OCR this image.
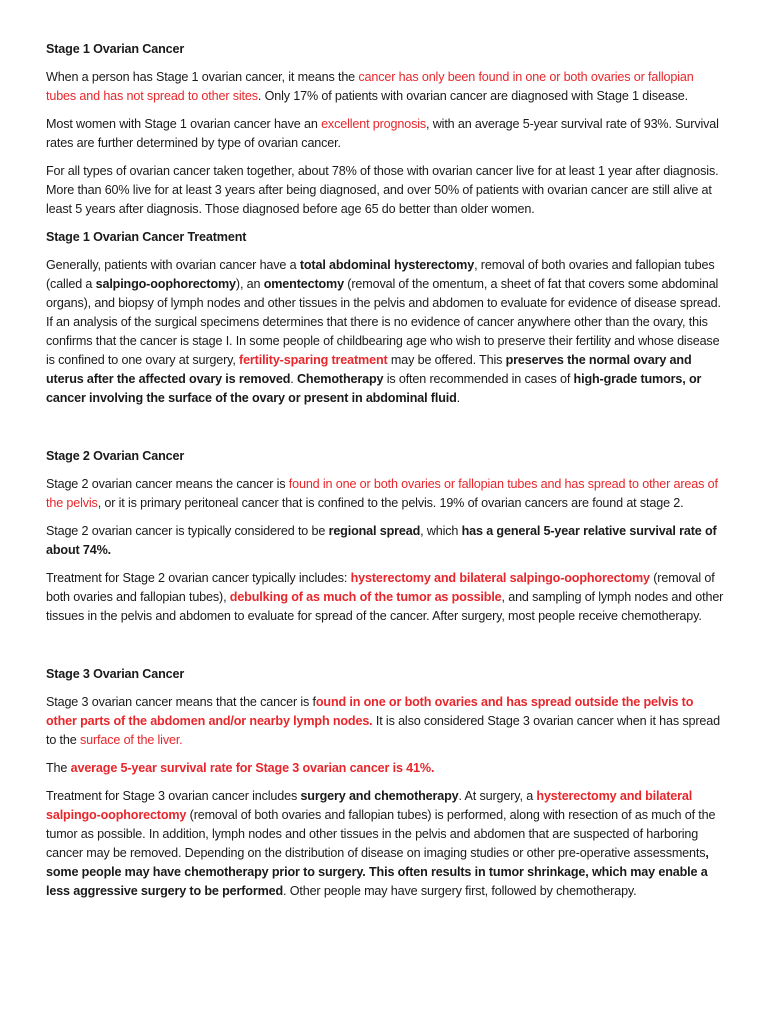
Stage 1 Ovarian Cancer

When a person has Stage 1 ovarian cancer, it means the cancer has only been found in one or both ovaries or fallopian tubes and has not spread to other sites. Only 17% of patients with ovarian cancer are diagnosed with Stage 1 disease.

Most women with Stage 1 ovarian cancer have an excellent prognosis, with an average 5-year survival rate of 93%. Survival rates are further determined by type of ovarian cancer.

For all types of ovarian cancer taken together, about 78% of those with ovarian cancer live for at least 1 year after diagnosis. More than 60% live for at least 3 years after being diagnosed, and over 50% of patients with ovarian cancer are still alive at least 5 years after diagnosis. Those diagnosed before age 65 do better than older women.

Stage 1 Ovarian Cancer Treatment

Generally, patients with ovarian cancer have a total abdominal hysterectomy, removal of both ovaries and fallopian tubes (called a salpingo-oophorectomy), an omentectomy (removal of the omentum, a sheet of fat that covers some abdominal organs), and biopsy of lymph nodes and other tissues in the pelvis and abdomen to evaluate for evidence of disease spread. If an analysis of the surgical specimens determines that there is no evidence of cancer anywhere other than the ovary, this confirms that the cancer is stage I. In some people of childbearing age who wish to preserve their fertility and whose disease is confined to one ovary at surgery, fertility-sparing treatment may be offered. This preserves the normal ovary and uterus after the affected ovary is removed. Chemotherapy is often recommended in cases of high-grade tumors, or cancer involving the surface of the ovary or present in abdominal fluid.

Stage 2 Ovarian Cancer

Stage 2 ovarian cancer means the cancer is found in one or both ovaries or fallopian tubes and has spread to other areas of the pelvis, or it is primary peritoneal cancer that is confined to the pelvis. 19% of ovarian cancers are found at stage 2.

Stage 2 ovarian cancer is typically considered to be regional spread, which has a general 5-year relative survival rate of about 74%.

Treatment for Stage 2 ovarian cancer typically includes: hysterectomy and bilateral salpingo-oophorectomy (removal of both ovaries and fallopian tubes), debulking of as much of the tumor as possible, and sampling of lymph nodes and other tissues in the pelvis and abdomen to evaluate for spread of the cancer. After surgery, most people receive chemotherapy.

Stage 3 Ovarian Cancer

Stage 3 ovarian cancer means that the cancer is found in one or both ovaries and has spread outside the pelvis to other parts of the abdomen and/or nearby lymph nodes. It is also considered Stage 3 ovarian cancer when it has spread to the surface of the liver.

The average 5-year survival rate for Stage 3 ovarian cancer is 41%.

Treatment for Stage 3 ovarian cancer includes surgery and chemotherapy. At surgery, a hysterectomy and bilateral salpingo-oophorectomy (removal of both ovaries and fallopian tubes) is performed, along with resection of as much of the tumor as possible. In addition, lymph nodes and other tissues in the pelvis and abdomen that are suspected of harboring cancer may be removed. Depending on the distribution of disease on imaging studies or other pre-operative assessments, some people may have chemotherapy prior to surgery. This often results in tumor shrinkage, which may enable a less aggressive surgery to be performed. Other people may have surgery first, followed by chemotherapy.
